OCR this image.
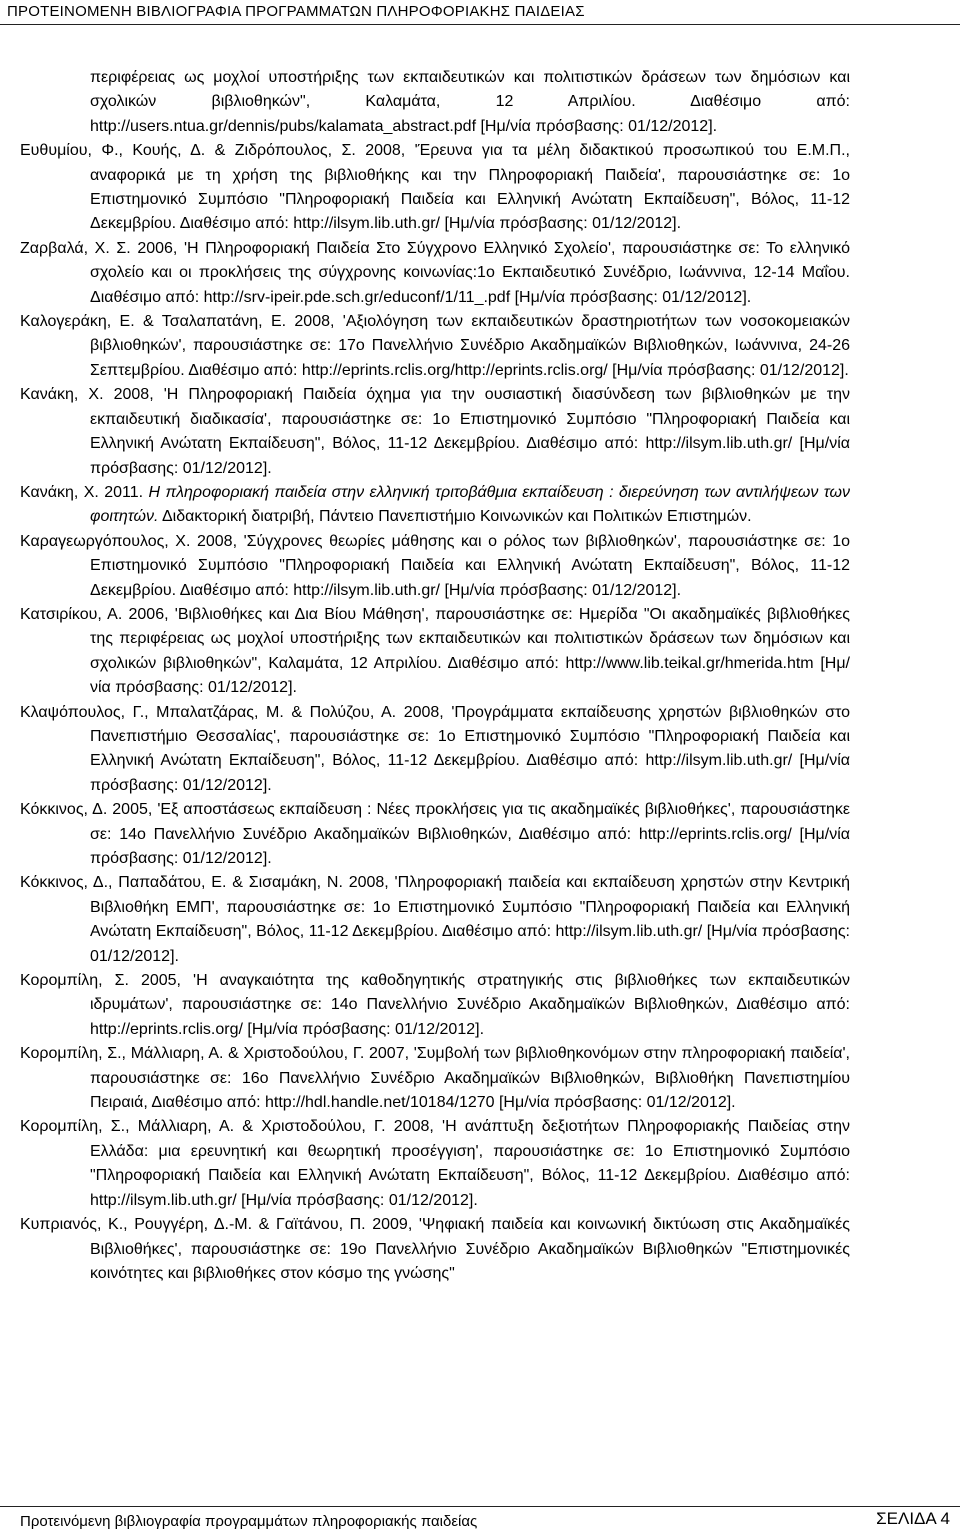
ΠΡΟΤΕΙΝΟΜΕΝΗ ΒΙΒΛΙΟΓΡΑΦΙΑ ΠΡΟΓΡΑΜΜΑΤΩΝ ΠΛΗΡΟΦΟΡΙΑΚΗΣ ΠΑΙΔΕΙΑΣ

περιφέρειας ως μοχλοί υποστήριξης των εκπαιδευτικών και πολιτιστικών δράσεων των δημόσιων και σχολικών βιβλιοθηκών", Καλαμάτα, 12 Απριλίου. Διαθέσιμο από: http://users.ntua.gr/dennis/pubs/kalamata_abstract.pdf [Ημ/νία πρόσβασης: 01/12/2012].

Ευθυμίου, Φ., Κουής, Δ. & Ζιδρόπουλος, Σ. 2008, 'Έρευνα για τα μέλη διδακτικού προσωπικού του Ε.Μ.Π., αναφορικά με τη χρήση της βιβλιοθήκης και την Πληροφοριακή Παιδεία', παρουσιάστηκε σε: 1ο Επιστημονικό Συμπόσιο "Πληροφοριακή Παιδεία και Ελληνική Ανώτατη Εκπαίδευση", Βόλος, 11-12 Δεκεμβρίου. Διαθέσιμο από: http://ilsym.lib.uth.gr/ [Ημ/νία πρόσβασης: 01/12/2012].

Ζαρβαλά, Χ. Σ. 2006, 'Η Πληροφοριακή Παιδεία Στο Σύγχρονο Ελληνικό Σχολείο', παρουσιάστηκε σε: Το ελληνικό σχολείο και οι προκλήσεις της σύγχρονης κοινωνίας:1ο Εκπαιδευτικό Συνέδριο, Ιωάννινα, 12-14 Μαΐου. Διαθέσιμο από: http://srv-ipeir.pde.sch.gr/educonf/1/11_.pdf [Ημ/νία πρόσβασης: 01/12/2012].

Καλογεράκη, Ε. & Τσαλαπατάνη, Ε. 2008, 'Αξιολόγηση των εκπαιδευτικών δραστηριοτήτων των νοσοκομειακών βιβλιοθηκών', παρουσιάστηκε σε: 17ο Πανελλήνιο Συνέδριο Ακαδημαϊκών Βιβλιοθηκών, Ιωάννινα, 24-26 Σεπτεμβρίου. Διαθέσιμο από: http://eprints.rclis.org/http://eprints.rclis.org/ [Ημ/νία πρόσβασης: 01/12/2012].

Κανάκη, Χ. 2008, 'Η Πληροφοριακή Παιδεία όχημα για την ουσιαστική διασύνδεση των βιβλιοθηκών με την εκπαιδευτική διαδικασία', παρουσιάστηκε σε: 1ο Επιστημονικό Συμπόσιο "Πληροφοριακή Παιδεία και Ελληνική Ανώτατη Εκπαίδευση", Βόλος, 11-12 Δεκεμβρίου. Διαθέσιμο από: http://ilsym.lib.uth.gr/ [Ημ/νία πρόσβασης: 01/12/2012].

Κανάκη, Χ. 2011. Η πληροφοριακή παιδεία στην ελληνική τριτοβάθμια εκπαίδευση : διερεύνηση των αντιλήψεων των φοιτητών. Διδακτορική διατριβή, Πάντειο Πανεπιστήμιο Κοινωνικών και Πολιτικών Επιστημών.

Καραγεωργόπουλος, Χ. 2008, 'Σύγχρονες θεωρίες μάθησης και ο ρόλος των βιβλιοθηκών', παρουσιάστηκε σε: 1ο Επιστημονικό Συμπόσιο "Πληροφοριακή Παιδεία και Ελληνική Ανώτατη Εκπαίδευση", Βόλος, 11-12 Δεκεμβρίου. Διαθέσιμο από: http://ilsym.lib.uth.gr/ [Ημ/νία πρόσβασης: 01/12/2012].

Κατσιρίκου, Α. 2006, 'Βιβλιοθήκες και Δια Βίου Μάθηση', παρουσιάστηκε σε: Ημερίδα "Οι ακαδημαϊκές βιβλιοθήκες της περιφέρειας ως μοχλοί υποστήριξης των εκπαιδευτικών και πολιτιστικών δράσεων των δημόσιων και σχολικών βιβλιοθηκών", Καλαμάτα, 12 Απριλίου. Διαθέσιμο από: http://www.lib.teikal.gr/hmerida.htm [Ημ/νία πρόσβασης: 01/12/2012].

Κλαψόπουλος, Γ., Μπαλατζάρας, Μ. & Πολύζου, Α. 2008, 'Προγράμματα εκπαίδευσης χρηστών βιβλιοθηκών στο Πανεπιστήμιο Θεσσαλίας', παρουσιάστηκε σε: 1ο Επιστημονικό Συμπόσιο "Πληροφοριακή Παιδεία και Ελληνική Ανώτατη Εκπαίδευση", Βόλος, 11-12 Δεκεμβρίου. Διαθέσιμο από: http://ilsym.lib.uth.gr/ [Ημ/νία πρόσβασης: 01/12/2012].

Κόκκινος, Δ. 2005, 'Εξ αποστάσεως εκπαίδευση : Νέες προκλήσεις για τις ακαδημαϊκές βιβλιοθήκες', παρουσιάστηκε σε: 14ο Πανελλήνιο Συνέδριο Ακαδημαϊκών Βιβλιοθηκών, Διαθέσιμο από: http://eprints.rclis.org/ [Ημ/νία πρόσβασης: 01/12/2012].

Κόκκινος, Δ., Παπαδάτου, Ε. & Σισαμάκη, Ν. 2008, 'Πληροφοριακή παιδεία και εκπαίδευση χρηστών στην Κεντρική Βιβλιοθήκη ΕΜΠ', παρουσιάστηκε σε: 1ο Επιστημονικό Συμπόσιο "Πληροφοριακή Παιδεία και Ελληνική Ανώτατη Εκπαίδευση", Βόλος, 11-12 Δεκεμβρίου. Διαθέσιμο από: http://ilsym.lib.uth.gr/ [Ημ/νία πρόσβασης: 01/12/2012].

Κορομπίλη, Σ. 2005, 'Η αναγκαιότητα της καθοδηγητικής στρατηγικής στις βιβλιοθήκες των εκπαιδευτικών ιδρυμάτων', παρουσιάστηκε σε: 14ο Πανελλήνιο Συνέδριο Ακαδημαϊκών Βιβλιοθηκών, Διαθέσιμο από: http://eprints.rclis.org/ [Ημ/νία πρόσβασης: 01/12/2012].

Κορομπίλη, Σ., Μάλλιαρη, Α. & Χριστοδούλου, Γ. 2007, 'Συμβολή των βιβλιοθηκονόμων στην πληροφοριακή παιδεία', παρουσιάστηκε σε: 16ο Πανελλήνιο Συνέδριο Ακαδημαϊκών Βιβλιοθηκών, Βιβλιοθήκη Πανεπιστημίου Πειραιά, Διαθέσιμο από: http://hdl.handle.net/10184/1270 [Ημ/νία πρόσβασης: 01/12/2012].

Κορομπίλη, Σ., Μάλλιαρη, Α. & Χριστοδούλου, Γ. 2008, 'Η ανάπτυξη δεξιοτήτων Πληροφοριακής Παιδείας στην Ελλάδα: μια ερευνητική και θεωρητική προσέγγιση', παρουσιάστηκε σε: 1ο Επιστημονικό Συμπόσιο "Πληροφοριακή Παιδεία και Ελληνική Ανώτατη Εκπαίδευση", Βόλος, 11-12 Δεκεμβρίου. Διαθέσιμο από: http://ilsym.lib.uth.gr/ [Ημ/νία πρόσβασης: 01/12/2012].

Κυπριανός, Κ., Ρουγγέρη, Δ.-Μ. & Γαϊτάνου, Π. 2009, 'Ψηφιακή παιδεία και κοινωνική δικτύωση στις Ακαδημαϊκές Βιβλιοθήκες', παρουσιάστηκε σε: 19ο Πανελλήνιο Συνέδριο Ακαδημαϊκών Βιβλιοθηκών "Επιστημονικές κοινότητες και βιβλιοθήκες στον κόσμο της γνώσης"

Προτεινόμενη βιβλιογραφία προγραμμάτων πληροφοριακής παιδείας	ΣΕΛΙΔΑ 4
